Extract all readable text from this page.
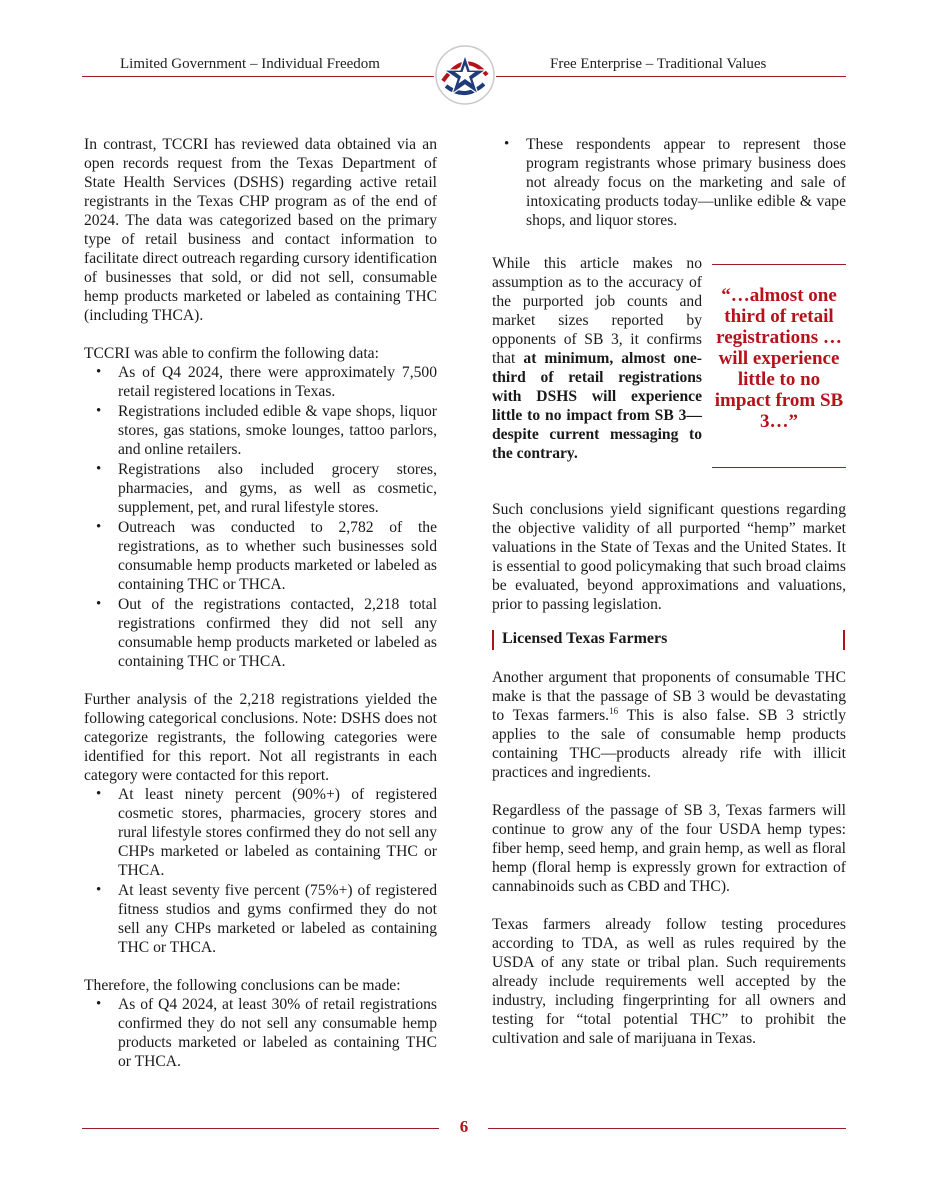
Limited Government – Individual Freedom	Free Enterprise – Traditional Values

In contrast, TCCRI has reviewed data obtained via an open records request from the Texas Department of State Health Services (DSHS) regarding active retail registrants in the Texas CHP program as of the end of 2024. The data was categorized based on the primary type of retail business and contact information to facilitate direct outreach regarding cursory identification of businesses that sold, or did not sell, consumable hemp products marketed or labeled as containing THC (including THCA).

TCCRI was able to confirm the following data:

• As of Q4 2024, there were approximately 7,500 retail registered locations in Texas.
• Registrations included edible & vape shops, liquor stores, gas stations, smoke lounges, tattoo parlors, and online retailers.
• Registrations also included grocery stores, pharmacies, and gyms, as well as cosmetic, supplement, pet, and rural lifestyle stores.
• Outreach was conducted to 2,782 of the registrations, as to whether such businesses sold consumable hemp products marketed or labeled as containing THC or THCA.
• Out of the registrations contacted, 2,218 total registrations confirmed they did not sell any consumable hemp products marketed or labeled as containing THC or THCA.

Further analysis of the 2,218 registrations yielded the following categorical conclusions. Note: DSHS does not categorize registrants, the following categories were identified for this report. Not all registrants in each category were contacted for this report.

• At least ninety percent (90%+) of registered cosmetic stores, pharmacies, grocery stores and rural lifestyle stores confirmed they do not sell any CHPs marketed or labeled as containing THC or THCA.
• At least seventy five percent (75%+) of registered fitness studios and gyms confirmed they do not sell any CHPs marketed or labeled as containing THC or THCA.

Therefore, the following conclusions can be made:

• As of Q4 2024, at least 30% of retail registrations confirmed they do not sell any consumable hemp products marketed or labeled as containing THC or THCA.
• These respondents appear to represent those program registrants whose primary business does not already focus on the marketing and sale of intoxicating products today—unlike edible & vape shops, and liquor stores.
While this article makes no assumption as to the accuracy of the purported job counts and market sizes reported by opponents of SB 3, it confirms that at minimum, almost one-third of retail registrations with DSHS will experience little to no impact from SB 3—despite current messaging to the contrary.
“…almost one third of retail registrations …will experience little to no impact from SB 3…”
Such conclusions yield significant questions regarding the objective validity of all purported “hemp” market valuations in the State of Texas and the United States. It is essential to good policymaking that such broad claims be evaluated, beyond approximations and valuations, prior to passing legislation.
Licensed Texas Farmers

Another argument that proponents of consumable THC make is that the passage of SB 3 would be devastating to Texas farmers.$^{16}$ This is also false. SB 3 strictly applies to the sale of consumable hemp products containing THC—products already rife with illicit practices and ingredients.

Regardless of the passage of SB 3, Texas farmers will continue to grow any of the four USDA hemp types: fiber hemp, seed hemp, and grain hemp, as well as floral hemp (floral hemp is expressly grown for extraction of cannabinoids such as CBD and THC).

Texas farmers already follow testing procedures according to TDA, as well as rules required by the USDA of any state or tribal plan. Such requirements already include requirements well accepted by the industry, including fingerprinting for all owners and testing for “total potential THC” to prohibit the cultivation and sale of marijuana in Texas.

6
